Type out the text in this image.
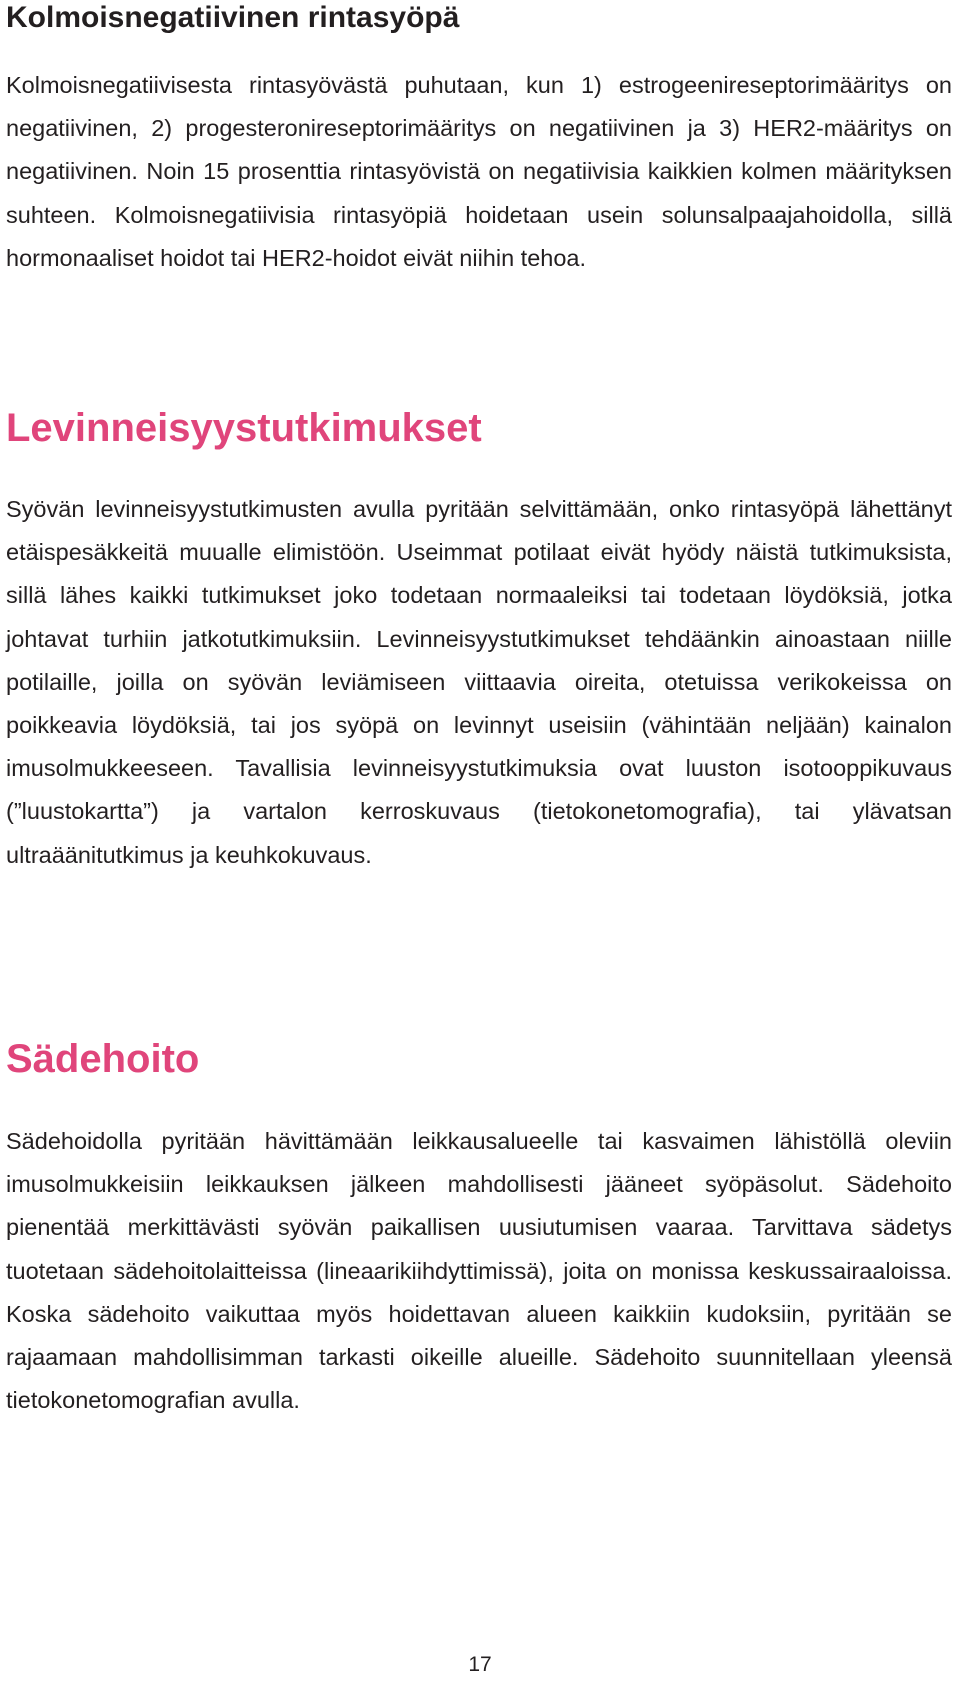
Kolmoisnegatiivinen rintasyöpä

Kolmoisnegatiivisesta rintasyövästä puhutaan, kun 1) estrogeenireseptorimääritys on negatiivinen, 2) progesteronireseptorimääritys on negatiivinen ja 3) HER2-määritys on negatiivinen. Noin 15 prosenttia rintasyövistä on negatiivisia kaikkien kolmen määrityksen suhteen. Kolmoisnegatiivisia rintasyöpiä hoidetaan usein solunsalpaajahoidolla, sillä hormonaaliset hoidot tai HER2-hoidot eivät niihin tehoa.

Levinneisyystutkimukset

Syövän levinneisyystutkimusten avulla pyritään selvittämään, onko rintasyöpä lähettänyt etäispesäkkeitä muualle elimistöön. Useimmat potilaat eivät hyödy näistä tutkimuksista, sillä lähes kaikki tutkimukset joko todetaan normaaleiksi tai todetaan löydöksiä, jotka johtavat turhiin jatkotutkimuksiin. Levinneisyystutkimukset tehdäänkin ainoastaan niille potilaille, joilla on syövän leviämiseen viittaavia oireita, otetuissa verikokeissa on poikkeavia löydöksiä, tai jos syöpä on levinnyt useisiin (vähintään neljään) kainalon imusolmukkeeseen. Tavallisia levinneisyystutkimuksia ovat luuston isotooppikuvaus (”luustokartta”) ja vartalon kerroskuvaus (tietokonetomografia), tai ylävatsan ultraäänitutkimus ja keuhkokuvaus.

Sädehoito

Sädehoidolla pyritään hävittämään leikkausalueelle tai kasvaimen lähistöllä oleviin imusolmukkeisiin leikkauksen jälkeen mahdollisesti jääneet syöpäsolut. Sädehoito pienentää merkittävästi syövän paikallisen uusiutumisen vaaraa. Tarvittava sädetys tuotetaan sädehoitolaitteissa (lineaarikiihdyttimissä), joita on monissa keskussairaaloissa. Koska sädehoito vaikuttaa myös hoidettavan alueen kaikkiin kudoksiin, pyritään se rajaamaan mahdollisimman tarkasti oikeille alueille. Sädehoito suunnitellaan yleensä tietokonetomografian avulla.

17
